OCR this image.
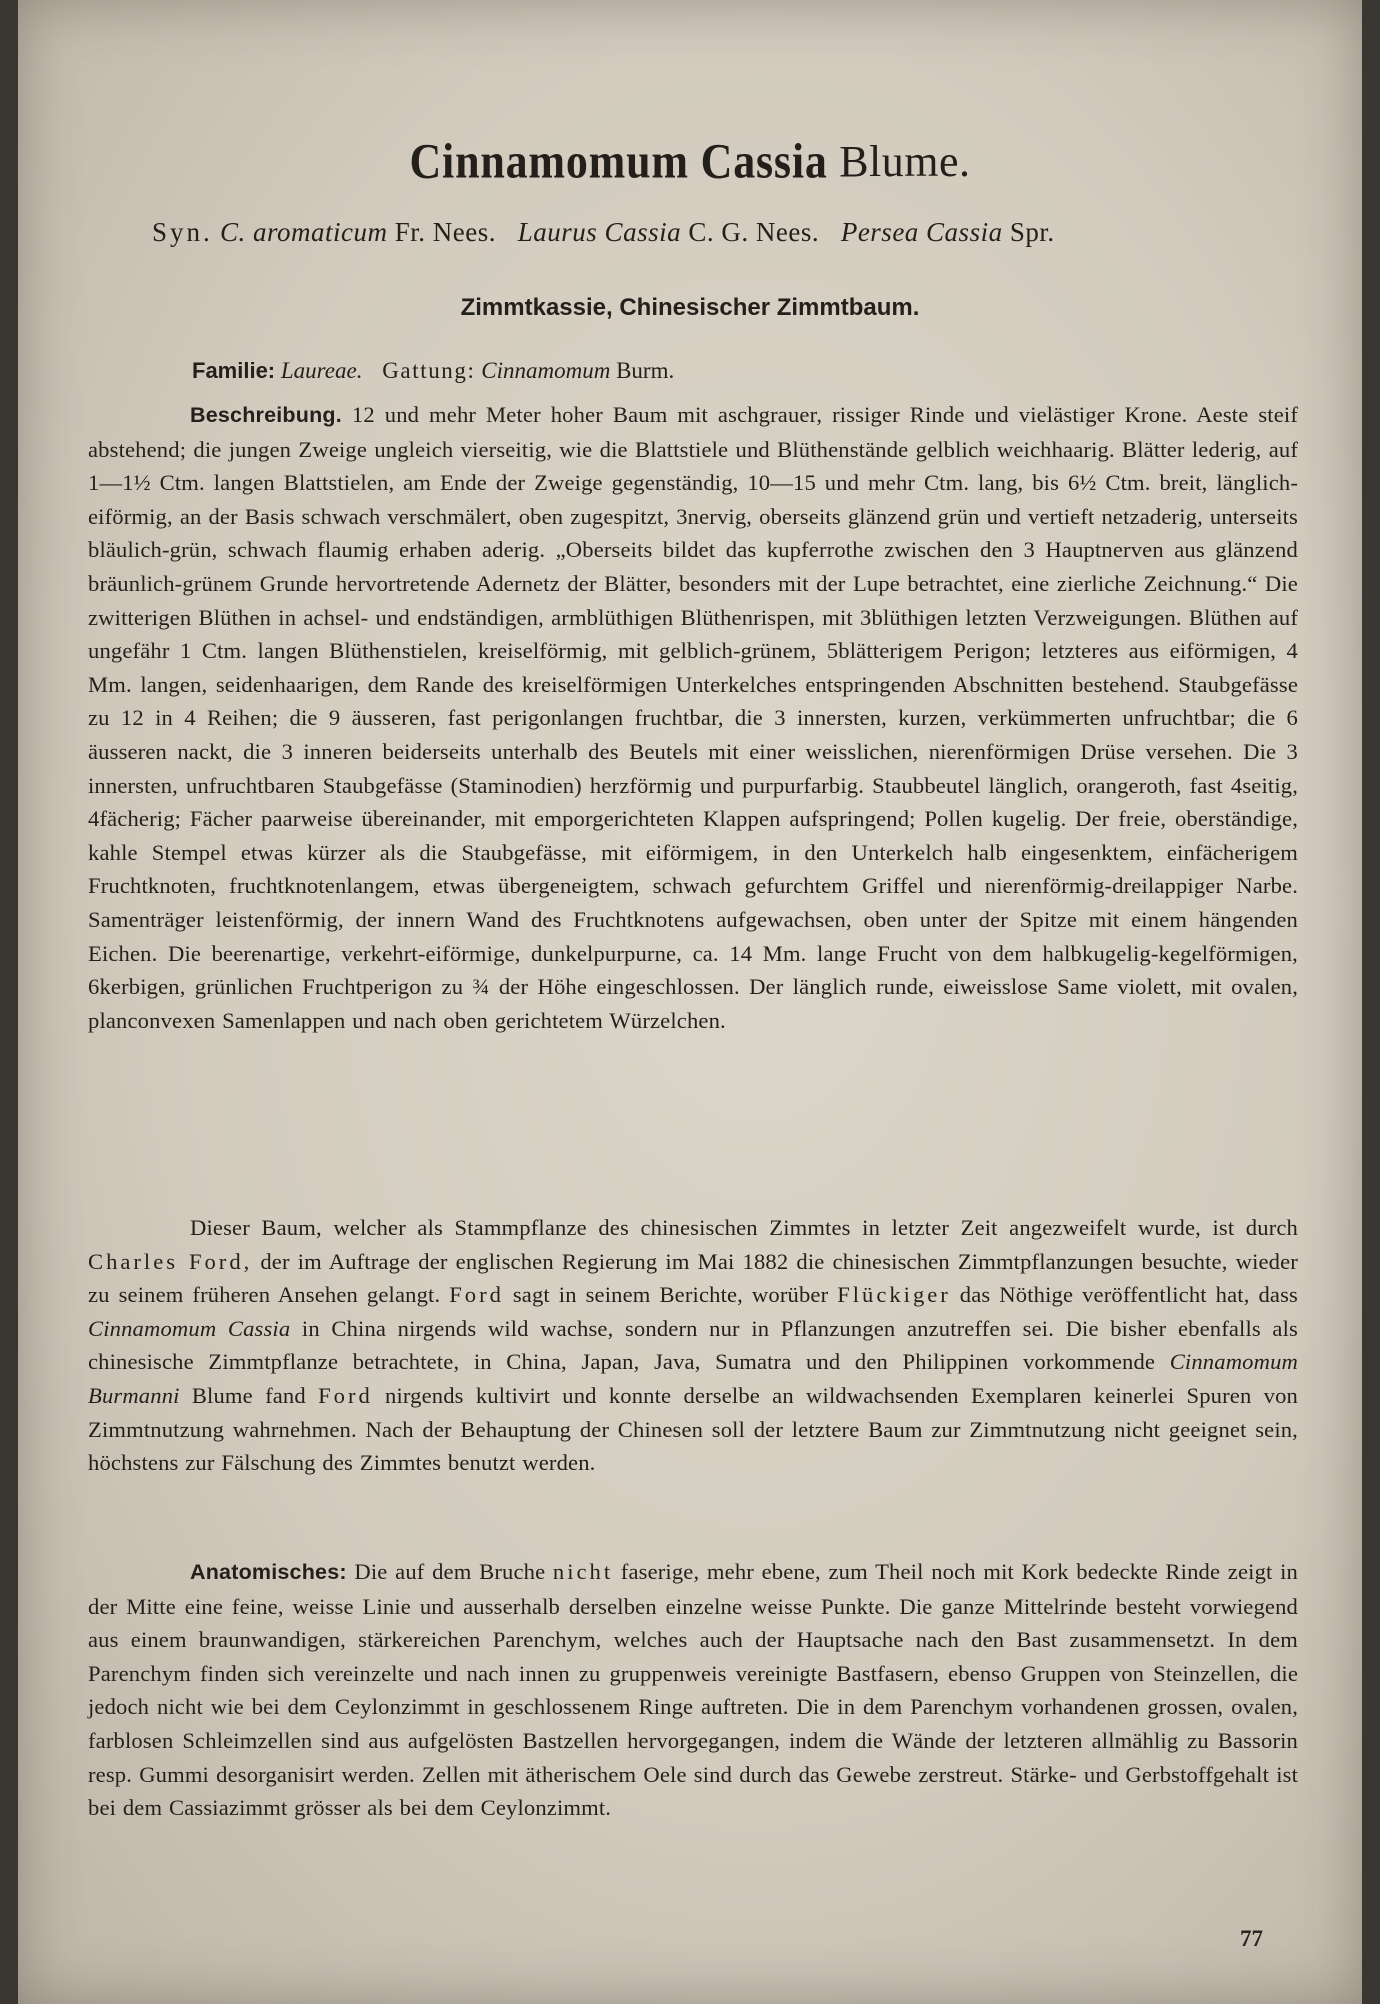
Cinnamomum Cassia Blume.
Syn. C. aromaticum Fr. Nees. Laurus Cassia C. G. Nees. Persea Cassia Spr.
Zimmtkassie, Chinesischer Zimmtbaum.
Familie: Laureae. Gattung: Cinnamomum Burm.

Beschreibung. 12 und mehr Meter hoher Baum mit aschgrauer, rissiger Rinde und vielästiger Krone. Aeste steif abstehend; die jungen Zweige ungleich vierseitig, wie die Blattstiele und Blüthenstände gelblich weichhaarig. Blätter lederig, auf 1—1½ Ctm. langen Blattstielen, am Ende der Zweige gegenständig, 10—15 und mehr Ctm. lang, bis 6½ Ctm. breit, länglich-eiförmig, an der Basis schwach verschmälert, oben zugespitzt, 3nervig, oberseits glänzend grün und vertieft netzaderig, unterseits bläulich-grün, schwach flaumig erhaben aderig. „Oberseits bildet das kupferrothe zwischen den 3 Hauptnerven aus glänzend bräunlich-grünem Grunde hervortretende Adernetz der Blätter, besonders mit der Lupe betrachtet, eine zierliche Zeichnung.“ Die zwitterigen Blüthen in achsel- und endständigen, armblüthigen Blüthenrispen, mit 3blüthigen letzten Verzweigungen. Blüthen auf ungefähr 1 Ctm. langen Blüthenstielen, kreiselförmig, mit gelblich-grünem, 5blätterigem Perigon; letzteres aus eiförmigen, 4 Mm. langen, seidenhaarigen, dem Rande des kreiselförmigen Unterkelches entspringenden Abschnitten bestehend. Staubgefässe zu 12 in 4 Reihen; die 9 äusseren, fast perigonlangen fruchtbar, die 3 innersten, kurzen, verkümmerten unfruchtbar; die 6 äusseren nackt, die 3 inneren beiderseits unterhalb des Beutels mit einer weisslichen, nierenförmigen Drüse versehen. Die 3 innersten, unfruchtbaren Staubgefässe (Staminodien) herzförmig und purpurfarbig. Staubbeutel länglich, orangeroth, fast 4seitig, 4fächerig; Fächer paarweise übereinander, mit emporgerichteten Klappen aufspringend; Pollen kugelig. Der freie, oberständige, kahle Stempel etwas kürzer als die Staubgefässe, mit eiförmigem, in den Unterkelch halb eingesenktem, einfächerigem Fruchtknoten, fruchtknotenlangem, etwas übergeneigtem, schwach gefurchtem Griffel und nierenförmig-dreilappiger Narbe. Samenträger leistenförmig, der innern Wand des Fruchtknotens aufgewachsen, oben unter der Spitze mit einem hängenden Eichen. Die beerenartige, verkehrt-eiförmige, dunkelpurpurne, ca. 14 Mm. lange Frucht von dem halbkugelig-kegelförmigen, 6kerbigen, grünlichen Fruchtperigon zu ¾ der Höhe eingeschlossen. Der länglich runde, eiweisslose Same violett, mit ovalen, planconvexen Samenlappen und nach oben gerichtetem Würzelchen.

Dieser Baum, welcher als Stammpflanze des chinesischen Zimmtes in letzter Zeit angezweifelt wurde, ist durch Charles Ford, der im Auftrage der englischen Regierung im Mai 1882 die chinesischen Zimmtpflanzungen besuchte, wieder zu seinem früheren Ansehen gelangt. Ford sagt in seinem Berichte, worüber Flückiger das Nöthige veröffentlicht hat, dass Cinnamomum Cassia in China nirgends wild wachse, sondern nur in Pflanzungen anzutreffen sei. Die bisher ebenfalls als chinesische Zimmtpflanze betrachtete, in China, Japan, Java, Sumatra und den Philippinen vorkommende Cinnamomum Burmanni Blume fand Ford nirgends kultivirt und konnte derselbe an wildwachsenden Exemplaren keinerlei Spuren von Zimmtnutzung wahrnehmen. Nach der Behauptung der Chinesen soll der letztere Baum zur Zimmtnutzung nicht geeignet sein, höchstens zur Fälschung des Zimmtes benutzt werden.

Anatomisches: Die auf dem Bruche nicht faserige, mehr ebene, zum Theil noch mit Kork bedeckte Rinde zeigt in der Mitte eine feine, weisse Linie und ausserhalb derselben einzelne weisse Punkte. Die ganze Mittelrinde besteht vorwiegend aus einem braunwandigen, stärkereichen Parenchym, welches auch der Hauptsache nach den Bast zusammensetzt. In dem Parenchym finden sich vereinzelte und nach innen zu gruppenweis vereinigte Bastfasern, ebenso Gruppen von Steinzellen, die jedoch nicht wie bei dem Ceylonzimmt in geschlossenem Ringe auftreten. Die in dem Parenchym vorhandenen grossen, ovalen, farblosen Schleimzellen sind aus aufgelösten Bastzellen hervorgegangen, indem die Wände der letzteren allmählig zu Bassorin resp. Gummi desorganisirt werden. Zellen mit ätherischem Oele sind durch das Gewebe zerstreut. Stärke- und Gerbstoffgehalt ist bei dem Cassiazimmt grösser als bei dem Ceylonzimmt.

77
